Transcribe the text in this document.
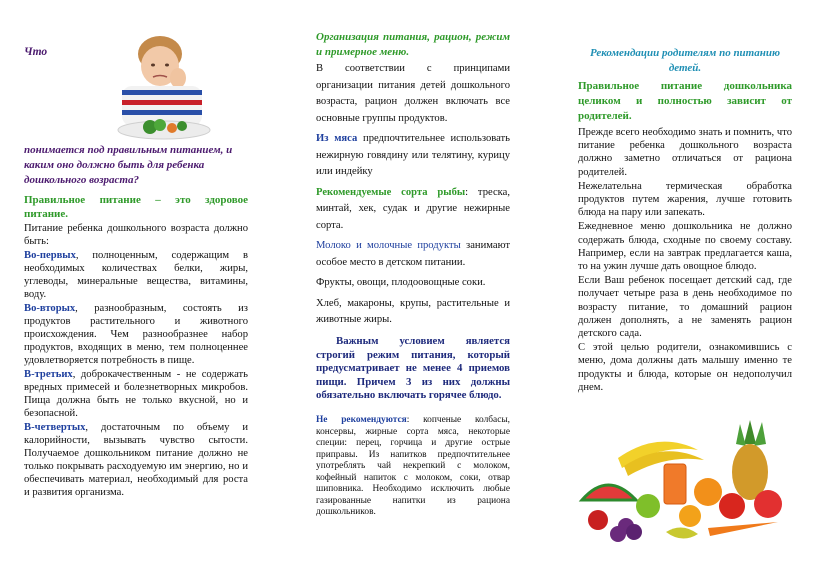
Что
понимается под правильным питанием, и каким оно должно быть для ребенка дошкольного возраста?
Правильное питание – это здоровое питание.

Питание ребенка дошкольного возраста должно быть:

Во-первых, полноценным, содержащим в необходимых количествах белки, жиры, углеводы, минеральные вещества, витамины, воду.

Во-вторых, разнообразным, состоять из продуктов растительного и животного происхождения. Чем разнообразнее набор продуктов, входящих в меню, тем полноценнее удовлетворяется потребность в пище.

В-третьих, доброкачественным - не содержать вредных примесей и болезнетворных микробов. Пища должна быть не только вкусной, но и безопасной.

В-четвертых, достаточным по объему и калорийности, вызывать чувство сытости. Получаемое дошкольником питание должно не только покрывать расходуемую им энергию, но и обеспечивать материал, необходимый для роста и развития организма.

Организация питания, рацион, режим и примерное меню.

В соответствии с принципами организации питания детей дошкольного возраста, рацион должен включать все основные группы продуктов.

Из мяса предпочтительнее использовать нежирную говядину или телятину, курицу или индейку

Рекомендуемые сорта рыбы: треска, минтай, хек, судак и другие нежирные сорта.

Молоко и молочные продукты занимают особое место в детском питании.

Фрукты, овощи, плодоовощные соки.

Хлеб, макароны, крупы, растительные и животные жиры.

Важным условием является строгий режим питания, который предусматривает не менее 4 приемов пищи. Причем 3 из них должны обязательно включать горячее блюдо.
Не рекомендуются: копченые колбасы, консервы, жирные сорта мяса, некоторые специи: перец, горчица и другие острые приправы. Из напитков предпочтительнее употреблять чай некрепкий с молоком, кофейный напиток с молоком, соки, отвар шиповника. Необходимо исключить любые газированные напитки из рациона дошкольников.
Рекомендации родителям по питанию детей.
Правильное питание дошкольника целиком и полностью зависит от родителей.

Прежде всего необходимо знать и помнить, что питание ребенка дошкольного возраста должно заметно отличаться от рациона родителей.

Нежелательна термическая обработка продуктов путем жарения, лучше готовить блюда на пару или запекать.

Ежедневное меню дошкольника не должно содержать блюда, сходные по своему составу. Например, если на завтрак предлагается каша, то на ужин лучше дать овощное блюдо.

Если Ваш ребенок посещает детский сад, где получает четыре раза в день необходимое по возрасту питание, то домашний рацион должен дополнять, а не заменять рацион детского сада.

С этой целью родители, ознакомившись с меню, дома должны дать малышу именно те продукты и блюда, которые он недополучил днем.
